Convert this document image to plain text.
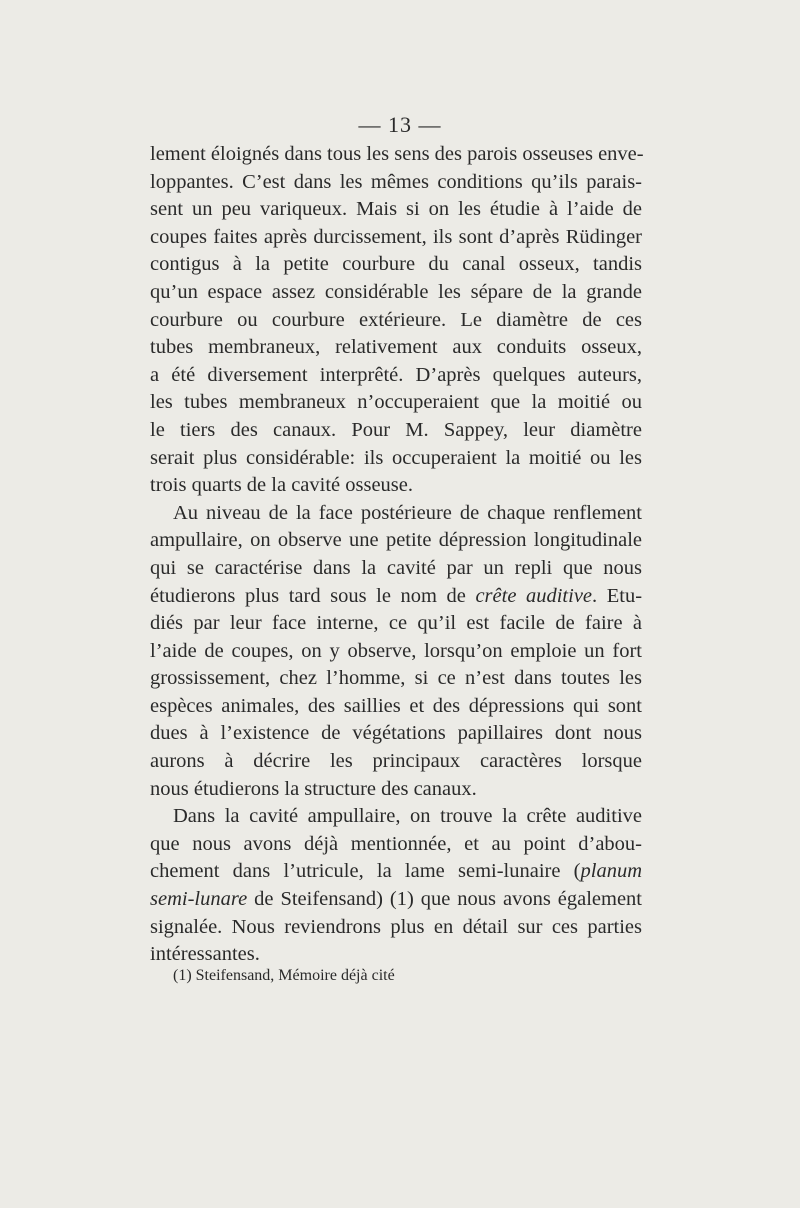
— 13 —

lement éloignés dans tous les sens des parois osseuses enve-
loppantes. C’est dans les mêmes conditions qu’ils parais-
sent un peu variqueux. Mais si on les étudie à l’aide de
coupes faites après durcissement, ils sont d’après Rüdinger
contigus à la petite courbure du canal osseux, tandis
qu’un espace assez considérable les sépare de la grande
courbure ou courbure extérieure. Le diamètre de ces
tubes membraneux, relativement aux conduits osseux,
a été diversement interprêté. D’après quelques auteurs,
les tubes membraneux n’occuperaient que la moitié ou
le tiers des canaux. Pour M. Sappey, leur diamètre
serait plus considérable: ils occuperaient la moitié ou les
trois quarts de la cavité osseuse.

Au niveau de la face postérieure de chaque renflement
ampullaire, on observe une petite dépression longitudinale
qui se caractérise dans la cavité par un repli que nous
étudierons plus tard sous le nom de crête auditive. Etu-
diés par leur face interne, ce qu’il est facile de faire à
l’aide de coupes, on y observe, lorsqu’on emploie un fort
grossissement, chez l’homme, si ce n’est dans toutes les
espèces animales, des saillies et des dépressions qui sont
dues à l’existence de végétations papillaires dont nous
aurons à décrire les principaux caractères lorsque
nous étudierons la structure des canaux.

Dans la cavité ampullaire, on trouve la crête auditive
que nous avons déjà mentionnée, et au point d’abou-
chement dans l’utricule, la lame semi-lunaire (planum
semi-lunare de Steifensand) (1) que nous avons également
signalée. Nous reviendrons plus en détail sur ces parties
intéressantes.

(1) Steifensand, Mémoire déjà cité
